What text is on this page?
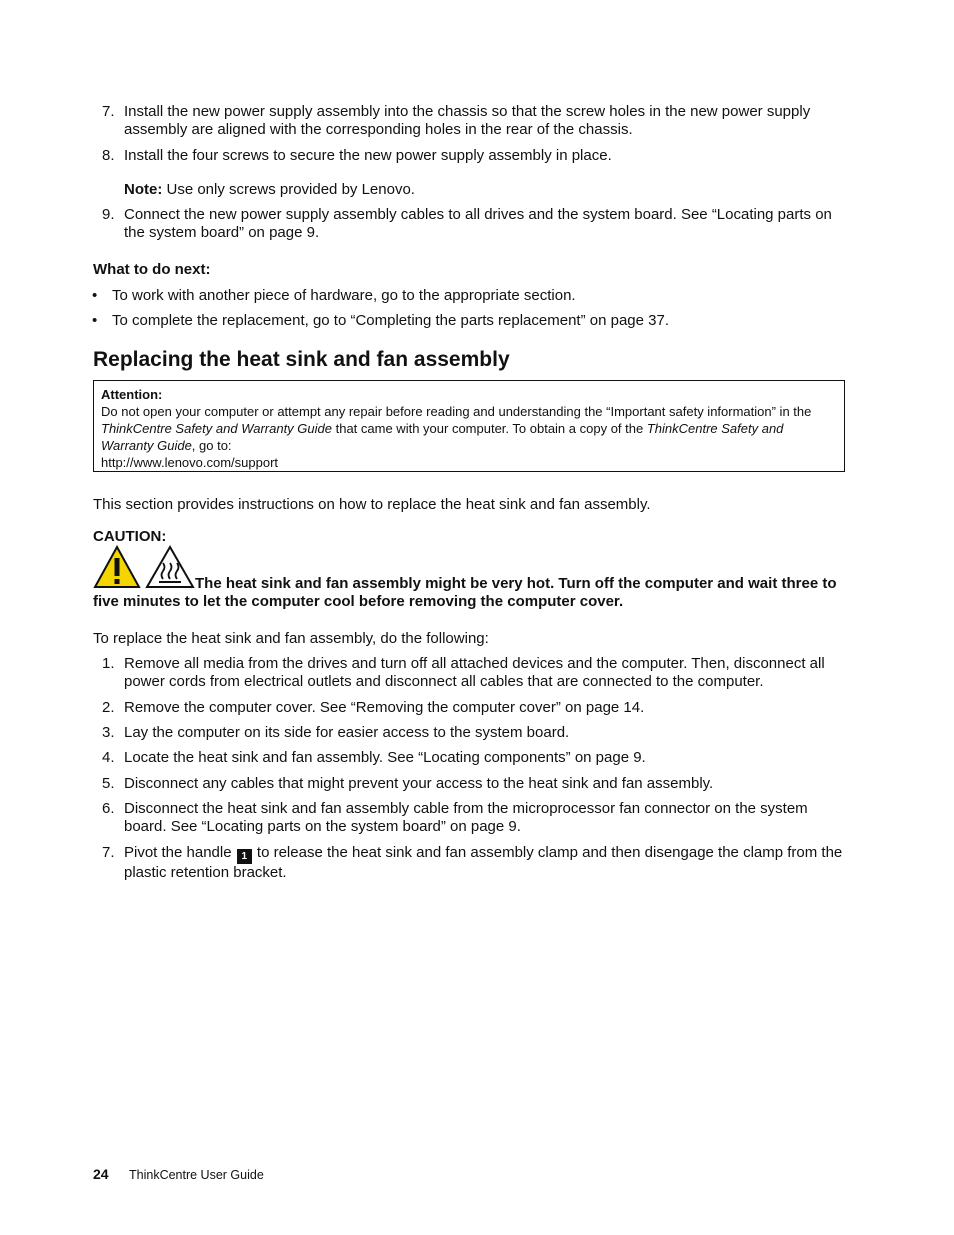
7. Install the new power supply assembly into the chassis so that the screw holes in the new power supply assembly are aligned with the corresponding holes in the rear of the chassis.
8. Install the four screws to secure the new power supply assembly in place.
Note: Use only screws provided by Lenovo.
9. Connect the new power supply assembly cables to all drives and the system board. See “Locating parts on the system board” on page 9.
What to do next:
• To work with another piece of hardware, go to the appropriate section.
• To complete the replacement, go to “Completing the parts replacement” on page 37.
Replacing the heat sink and fan assembly
Attention:
Do not open your computer or attempt any repair before reading and understanding the “Important safety information” in the ThinkCentre Safety and Warranty Guide that came with your computer. To obtain a copy of the ThinkCentre Safety and Warranty Guide, go to:
http://www.lenovo.com/support
This section provides instructions on how to replace the heat sink and fan assembly.
CAUTION:
The heat sink and fan assembly might be very hot. Turn off the computer and wait three to five minutes to let the computer cool before removing the computer cover.
To replace the heat sink and fan assembly, do the following:
1. Remove all media from the drives and turn off all attached devices and the computer. Then, disconnect all power cords from electrical outlets and disconnect all cables that are connected to the computer.
2. Remove the computer cover. See “Removing the computer cover” on page 14.
3. Lay the computer on its side for easier access to the system board.
4. Locate the heat sink and fan assembly. See “Locating components” on page 9.
5. Disconnect any cables that might prevent your access to the heat sink and fan assembly.
6. Disconnect the heat sink and fan assembly cable from the microprocessor fan connector on the system board. See “Locating parts on the system board” on page 9.
7. Pivot the handle 1 to release the heat sink and fan assembly clamp and then disengage the clamp from the plastic retention bracket.
24 ThinkCentre User Guide
